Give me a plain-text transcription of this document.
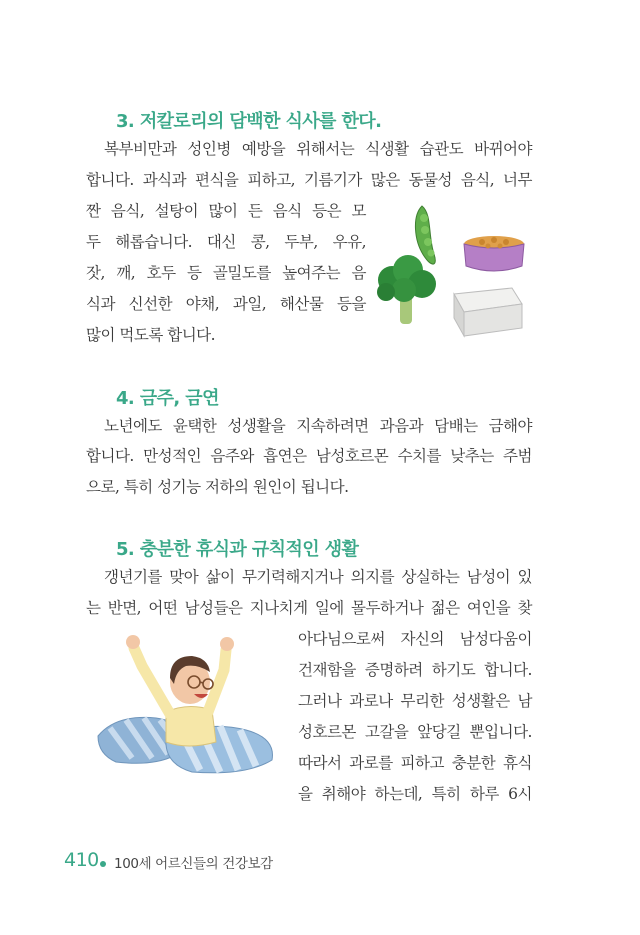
3. 저칼로리의 담백한 식사를 한다.
복부비만과 성인병 예방을 위해서는 식생활 습관도 바뀌어야
합니다. 과식과 편식을 피하고, 기름기가 많은 동물성 음식, 너무
짠 음식, 설탕이 많이 든 음식 등은 모
두 해롭습니다. 대신 콩, 두부, 우유,
잣, 깨, 호두 등 골밀도를 높여주는 음
식과 신선한 야채, 과일, 해산물 등을
많이 먹도록 합니다.
4. 금주, 금연
노년에도 윤택한 성생활을 지속하려면 과음과 담배는 금해야
합니다. 만성적인 음주와 흡연은 남성호르몬 수치를 낮추는 주범
으로, 특히 성기능 저하의 원인이 됩니다.
5. 충분한 휴식과 규칙적인 생활
갱년기를 맞아 삶이 무기력해지거나 의지를 상실하는 남성이 있
는 반면, 어떤 남성들은 지나치게 일에 몰두하거나 젊은 여인을 찾
아다님으로써 자신의 남성다움이
건재함을 증명하려 하기도 합니다.
그러나 과로나 무리한 성생활은 남
성호르몬 고갈을 앞당길 뿐입니다.
따라서 과로를 피하고 충분한 휴식
을 취해야 하는데, 특히 하루 6시
410 100세 어르신들의 건강보감
